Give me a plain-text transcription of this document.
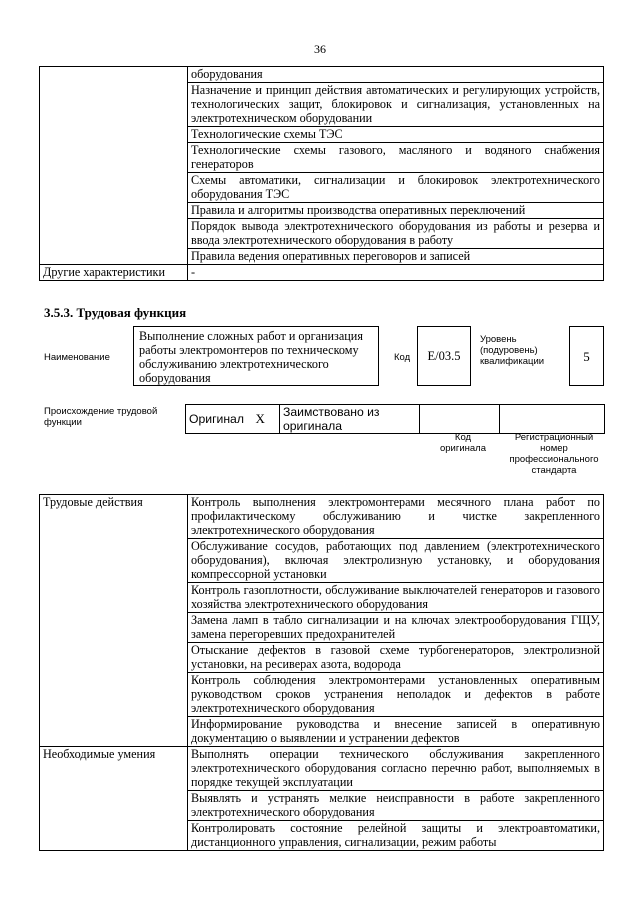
36
	оборудования
	Назначение и принцип действия автоматических и регулирующих устройств, технологических защит, блокировок и сигнализация, установленных на электротехническом оборудовании
	Технологические схемы ТЭС
	Технологические схемы газового, масляного и водяного снабжения генераторов
	Схемы автоматики, сигнализации и блокировок электротехнического оборудования ТЭС
	Правила и алгоритмы производства оперативных переключений
	Порядок вывода электротехнического оборудования из работы и резерва и ввода электротехнического оборудования в работу
	Правила ведения оперативных переговоров и записей
Другие характеристики	-
3.5.3. Трудовая функция
Наименование
Выполнение сложных работ и организация работы электромонтеров по техническому обслуживанию электротехнического оборудования
Код	E/03.5
Уровень (подуровень) квалификации	5
Происхождение трудовой функции	Оригинал	X	Заимствовано из оригинала		
Код оригинала
Регистрационный номер профессионального стандарта
Трудовые действия	Контроль выполнения электромонтерами месячного плана работ по профилактическому обслуживанию и чистке закрепленного электротехнического оборудования
	Обслуживание сосудов, работающих под давлением (электротехнического оборудования), включая электролизную установку, и оборудования компрессорной установки
	Контроль газоплотности, обслуживание выключателей генераторов и газового хозяйства электротехнического оборудования
	Замена ламп в табло сигнализации и на ключах электрооборудования ГЩУ, замена перегоревших предохранителей
	Отыскание дефектов в газовой схеме турбогенераторов, электролизной установки, на ресиверах азота, водорода
	Контроль соблюдения электромонтерами установленных оперативным руководством сроков устранения неполадок и дефектов в работе электротехнического оборудования
	Информирование руководства и внесение записей в оперативную документацию о выявлении и устранении дефектов
Необходимые умения	Выполнять операции технического обслуживания закрепленного электротехнического оборудования согласно перечню работ, выполняемых в порядке текущей эксплуатации
	Выявлять и устранять мелкие неисправности в работе закрепленного электротехнического оборудования
	Контролировать состояние релейной защиты и электроавтоматики, дистанционного управления, сигнализации, режим работы
